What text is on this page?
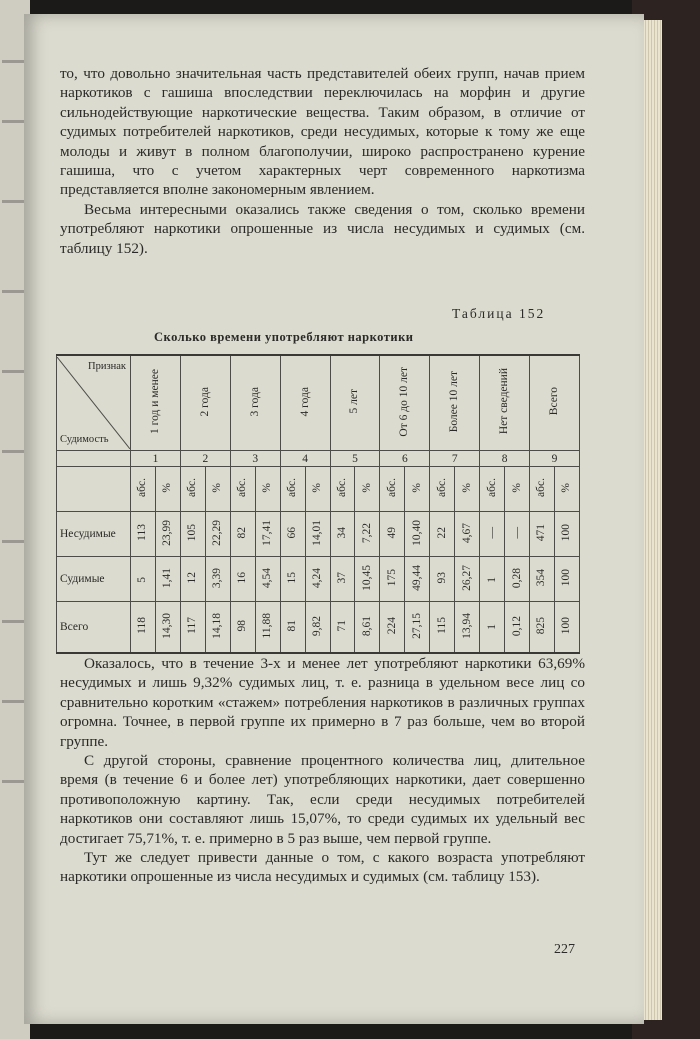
то, что довольно значительная часть представителей обеих групп, начав прием наркотиков с гашиша впоследствии переключилась на морфин и другие сильнодействующие наркотические вещества. Таким образом, в отличие от судимых потребителей наркотиков, среди несудимых, которые к тому же еще молоды и живут в полном благополучии, широко распространено курение гашиша, что с учетом характерных черт современного наркотизма представляется вполне закономерным явлением.

Весьма интересными оказались также сведения о том, сколько времени употребляют наркотики опрошенные из числа несудимых и судимых (см. таблицу 152).

Таблица 152
Сколько времени употребляют наркотики
Признак
Судимость	1 год и менее		2 года		3 года		4 года		5 лет		От 6 до 10 лет		Более 10 лет		Нет сведений		Всего	
	1		2		3		4		5		6		7		8		9	
	абс.	%	абс.	%	абс.	%	абс.	%	абс.	%	абс.	%	абс.	%	абс.	%	абс.	%
Несудимые	113	23,99	105	22,29	82	17,41	66	14,01	34	7,22	49	10,40	22	4,67	—	—	471	100
Судимые	5	1,41	12	3,39	16	4,54	15	4,24	37	10,45	175	49,44	93	26,27	1	0,28	354	100
Всего	118	14,30	117	14,18	98	11,88	81	9,82	71	8,61	224	27,15	115	13,94	1	0,12	825	100

Оказалось, что в течение 3-х и менее лет употребляют наркотики 63,69% несудимых и лишь 9,32% судимых лиц, т. е. разница в удельном весе лиц со сравнительно коротким «стажем» потребления наркотиков в различных группах огромна. Точнее, в первой группе их примерно в 7 раз больше, чем во второй группе.

С другой стороны, сравнение процентного количества лиц, длительное время (в течение 6 и более лет) употребляющих наркотики, дает совершенно противоположную картину. Так, если среди несудимых потребителей наркотиков они составляют лишь 15,07%, то среди судимых их удельный вес достигает 75,71%, т. е. примерно в 5 раз выше, чем первой группе.

Тут же следует привести данные о том, с какого возраста употребляют наркотики опрошенные из числа несудимых и судимых (см. таблицу 153).

227
